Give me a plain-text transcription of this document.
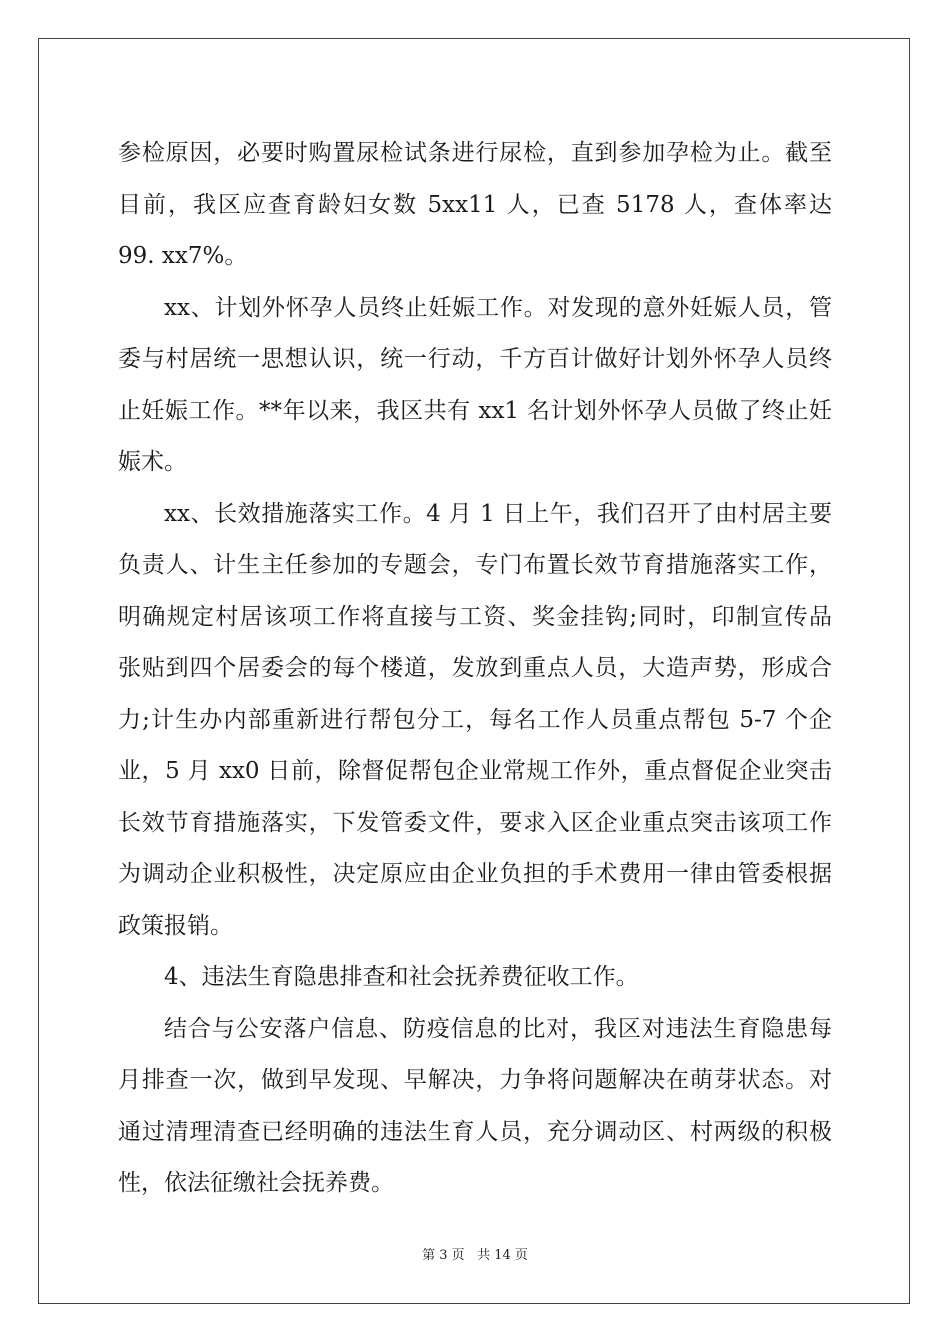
参检原因，必要时购置尿检试条进行尿检，直到参加孕检为止。截至
目前，我区应查育龄妇女数 5xx11 人，已查 5178 人，查体率达
99. xx7%。
xx、计划外怀孕人员终止妊娠工作。对发现的意外妊娠人员，管
委与村居统一思想认识，统一行动，千方百计做好计划外怀孕人员终
止妊娠工作。**年以来，我区共有 xx1 名计划外怀孕人员做了终止妊
娠术。
xx、长效措施落实工作。4 月 1 日上午，我们召开了由村居主要
负责人、计生主任参加的专题会，专门布置长效节育措施落实工作，
明确规定村居该项工作将直接与工资、奖金挂钩;同时，印制宣传品
张贴到四个居委会的每个楼道，发放到重点人员，大造声势，形成合
力;计生办内部重新进行帮包分工，每名工作人员重点帮包 5-7 个企
业，5 月 xx0 日前，除督促帮包企业常规工作外，重点督促企业突击
长效节育措施落实，下发管委文件，要求入区企业重点突击该项工作
为调动企业积极性，决定原应由企业负担的手术费用一律由管委根据
政策报销。
4、违法生育隐患排查和社会抚养费征收工作。
结合与公安落户信息、防疫信息的比对，我区对违法生育隐患每
月排查一次，做到早发现、早解决，力争将问题解决在萌芽状态。对
通过清理清查已经明确的违法生育人员，充分调动区、村两级的积极
性，依法征缴社会抚养费。
第 3 页 共 14 页
